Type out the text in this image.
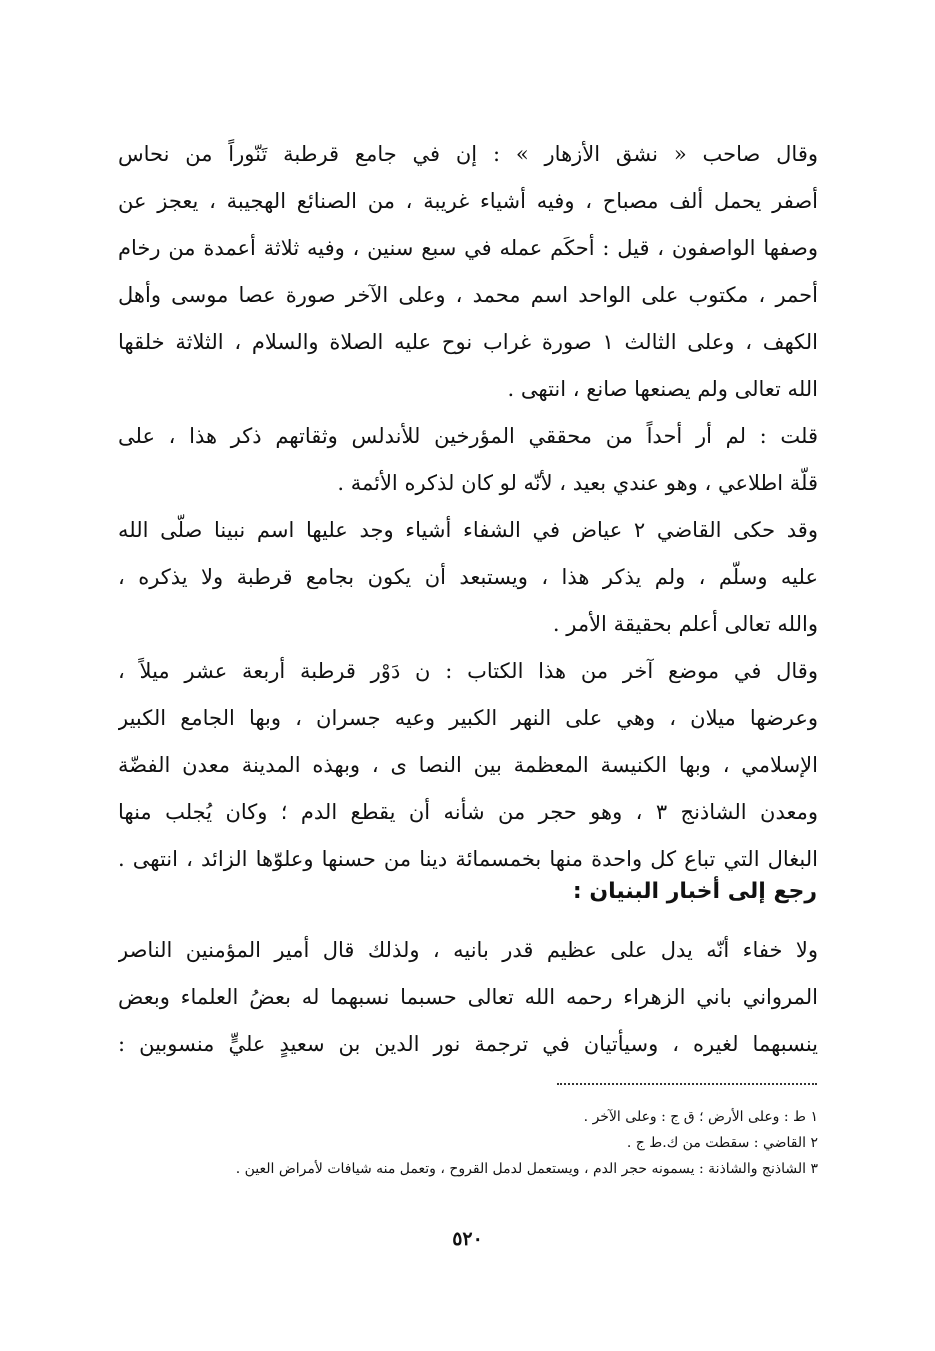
وقال صاحب « نشق الأزهار » : إن في جامع قرطبة تَنّوراً من نحاس
أصفر يحمل ألف مصباح ، وفيه أشياء غريبة ، من الصنائع الهجيبة ، يعجز عن
وصفها الواصفون ، قيل : أحكَم عمله في سبع سنين ، وفيه ثلاثة أعمدة من رخام
أحمر ، مكتوب على الواحد اسم محمد ، وعلى الآخر صورة عصا موسى وأهل
الكهف ، وعلى الثالث ١ صورة غراب نوح عليه الصلاة والسلام ، الثلاثة خلقها
الله تعالى ولم يصنعها صانع ، انتهى .
قلت : لم أر أحداً من محققي المؤرخين للأندلس وثقاتهم ذكر هذا ، على
قلّة اطلاعي ، وهو عندي بعيد ، لأنّه لو كان لذكره الأئمة .
وقد حكى القاضي ٢ عياض في الشفاء أشياء وجد عليها اسم نبينا صلّى الله
عليه وسلّم ، ولم يذكر هذا ، ويستبعد أن يكون بجامع قرطبة ولا يذكره ،
والله تعالى أعلم بحقيقة الأمر .
وقال في موضع آخر من هذا الكتاب : ن دَوْر قرطبة أربعة عشر ميلاً ،
وعرضها ميلان ، وهي على النهر الكبير وعيه جسران ، وبها الجامع الكبير
الإسلامي ، وبها الكنيسة المعظمة بين النصا ى ، وبهذه المدينة معدن الفضّة
ومعدن الشاذنج ٣ ، وهو حجر من شأنه أن يقطع الدم ؛ وكان يُجلب منها
البغال التي تباع كل واحدة منها بخمسمائة دينا من حسنها وعلوّها الزائد ، انتهى .
رجع إلى أخبار البنيان :
ولا خفاء أنّه يدل على عظيم قدر بانيه ، ولذلك قال أمير المؤمنين الناصر
المرواني باني الزهراء رحمه الله تعالى حسبما نسبهما له بعضُ العلماء وبعض
ينسبهما لغيره ، وسيأتيان في ترجمة نور الدين بن سعيدٍ عليٍّ منسوبين :
١ ط : وعلى الأرض ؛ ق ج : وعلى الآخر .
٢ القاضي : سقطت من ك.ط ج .
٣ الشاذنج والشاذنة : يسمونه حجر الدم ، ويستعمل لدمل القروح ، وتعمل منه شيافات لأمراض العين .
٥٢٠
